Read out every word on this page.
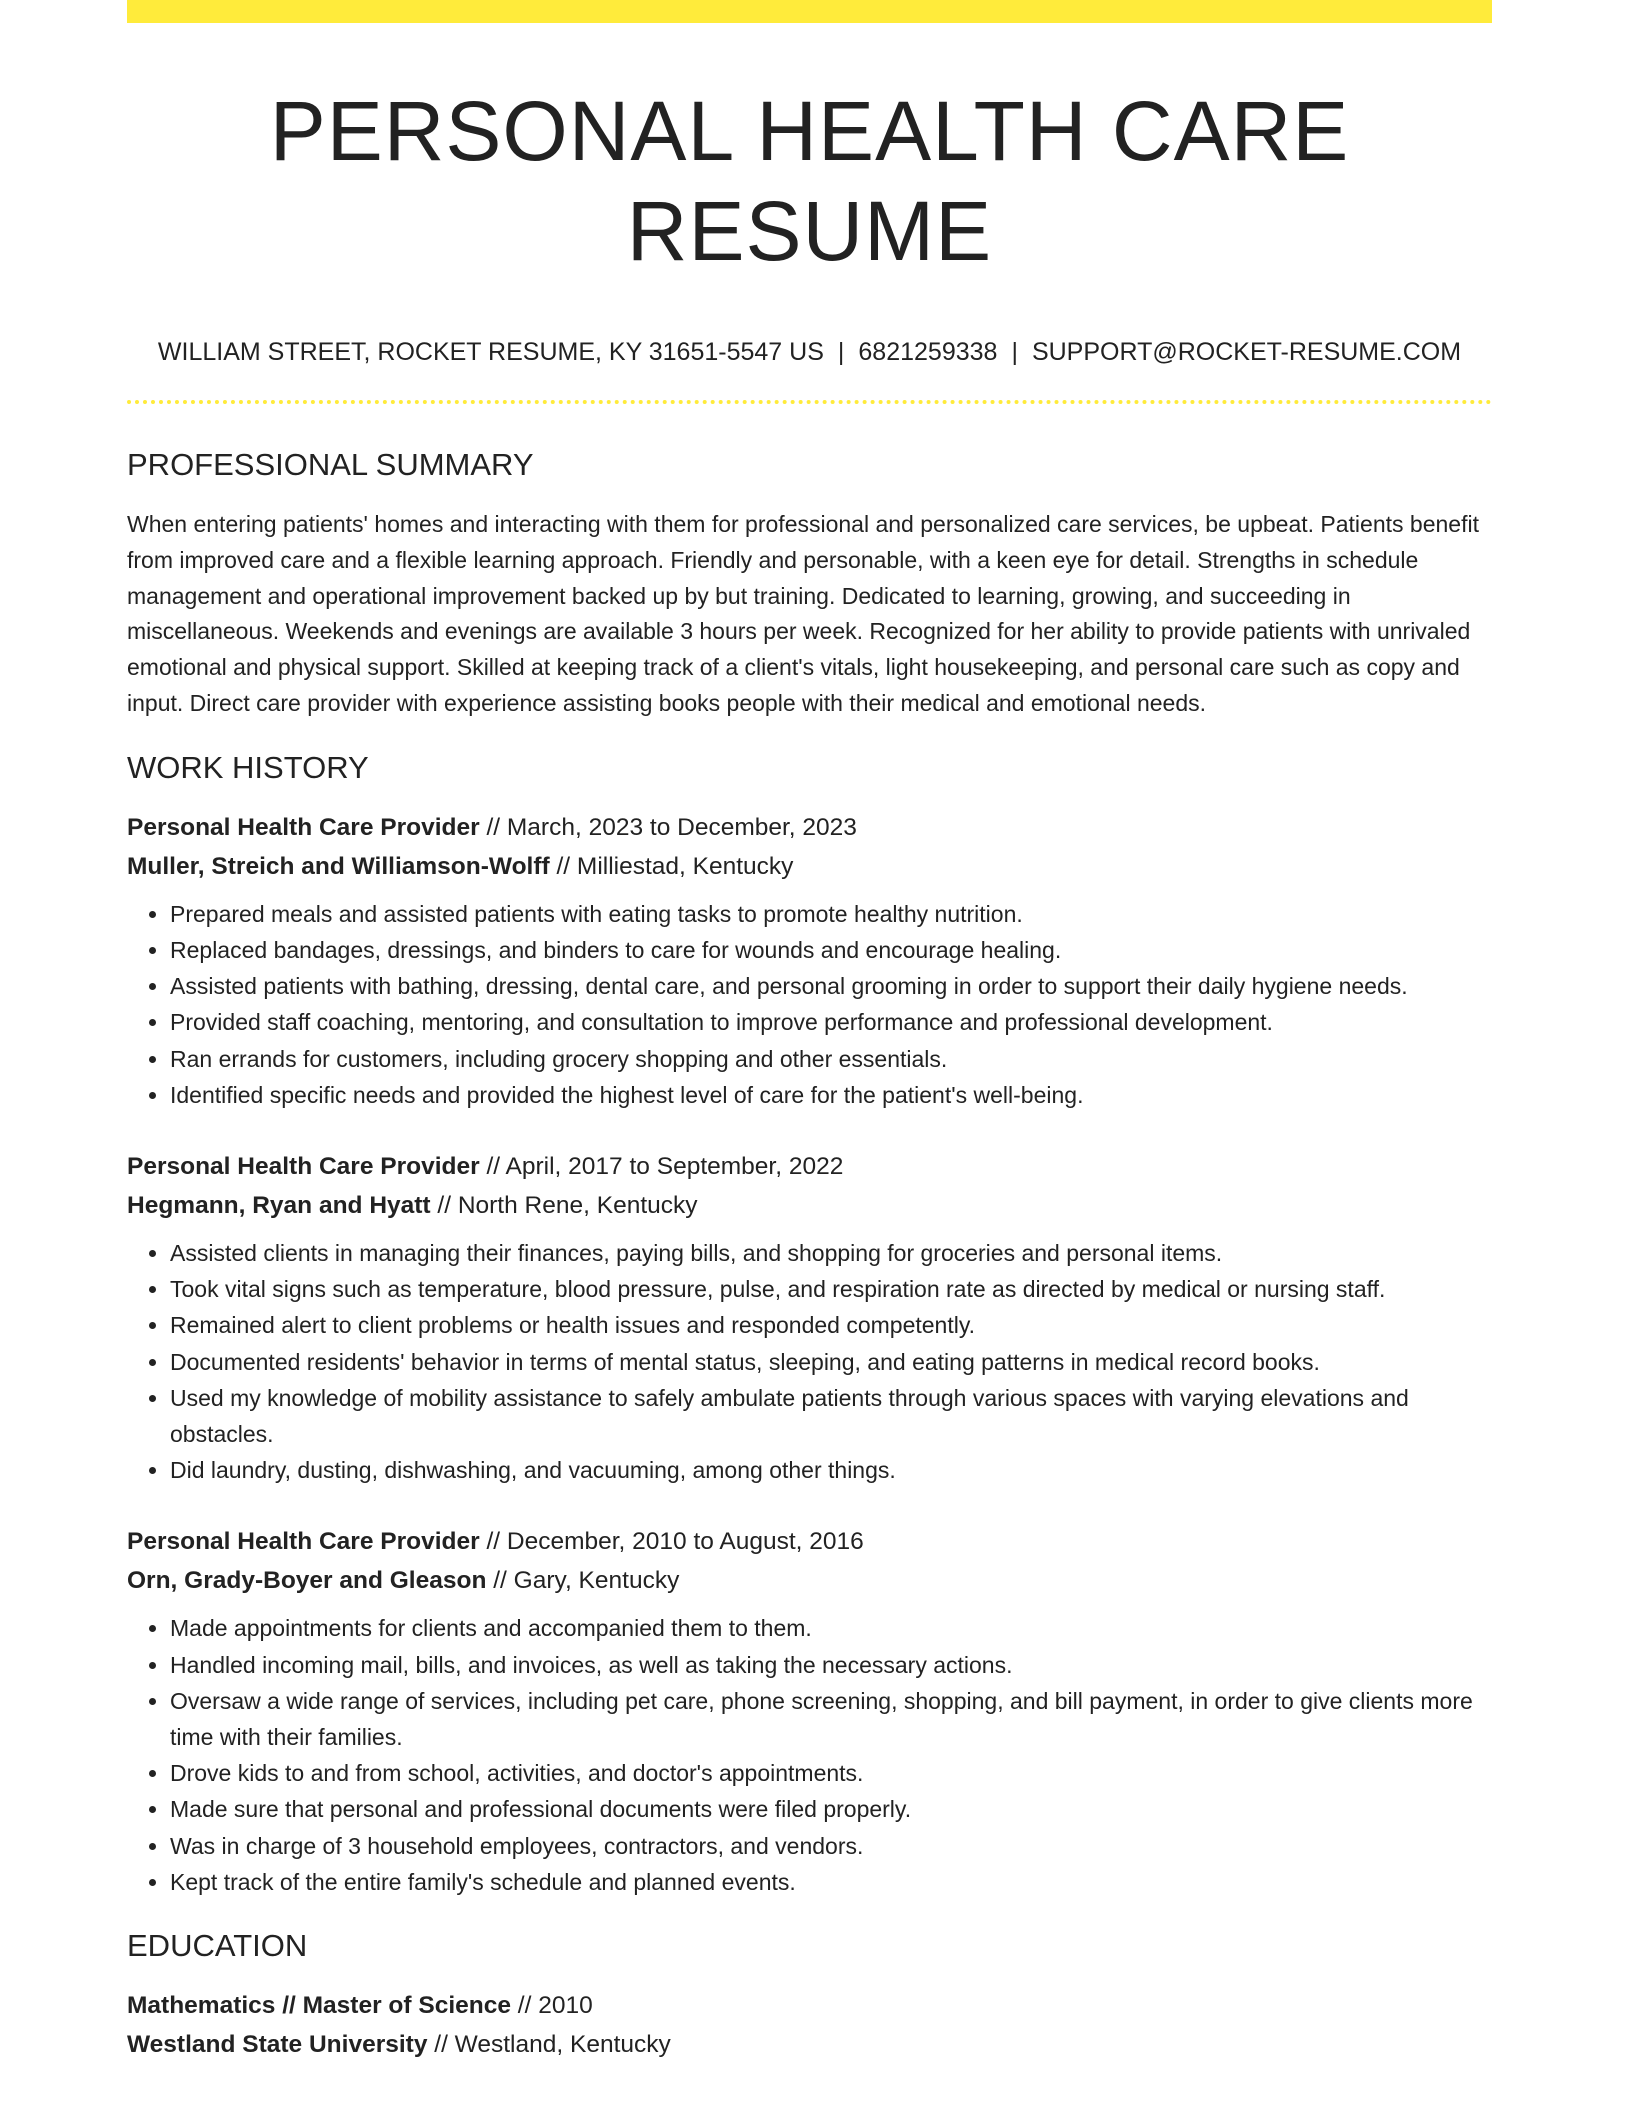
PERSONAL HEALTH CARE RESUME
WILLIAM STREET, ROCKET RESUME, KY 31651-5547 US | 6821259338 | SUPPORT@ROCKET-RESUME.COM
PROFESSIONAL SUMMARY
When entering patients' homes and interacting with them for professional and personalized care services, be upbeat. Patients benefit from improved care and a flexible learning approach. Friendly and personable, with a keen eye for detail. Strengths in schedule management and operational improvement backed up by but training. Dedicated to learning, growing, and succeeding in miscellaneous. Weekends and evenings are available 3 hours per week. Recognized for her ability to provide patients with unrivaled emotional and physical support. Skilled at keeping track of a client's vitals, light housekeeping, and personal care such as copy and input. Direct care provider with experience assisting books people with their medical and emotional needs.
WORK HISTORY
Personal Health Care Provider // March, 2023 to December, 2023
Muller, Streich and Williamson-Wolff // Milliestad, Kentucky
• Prepared meals and assisted patients with eating tasks to promote healthy nutrition.
• Replaced bandages, dressings, and binders to care for wounds and encourage healing.
• Assisted patients with bathing, dressing, dental care, and personal grooming in order to support their daily hygiene needs.
• Provided staff coaching, mentoring, and consultation to improve performance and professional development.
• Ran errands for customers, including grocery shopping and other essentials.
• Identified specific needs and provided the highest level of care for the patient's well-being.
Personal Health Care Provider // April, 2017 to September, 2022
Hegmann, Ryan and Hyatt // North Rene, Kentucky
• Assisted clients in managing their finances, paying bills, and shopping for groceries and personal items.
• Took vital signs such as temperature, blood pressure, pulse, and respiration rate as directed by medical or nursing staff.
• Remained alert to client problems or health issues and responded competently.
• Documented residents' behavior in terms of mental status, sleeping, and eating patterns in medical record books.
• Used my knowledge of mobility assistance to safely ambulate patients through various spaces with varying elevations and obstacles.
• Did laundry, dusting, dishwashing, and vacuuming, among other things.
Personal Health Care Provider // December, 2010 to August, 2016
Orn, Grady-Boyer and Gleason // Gary, Kentucky
• Made appointments for clients and accompanied them to them.
• Handled incoming mail, bills, and invoices, as well as taking the necessary actions.
• Oversaw a wide range of services, including pet care, phone screening, shopping, and bill payment, in order to give clients more time with their families.
• Drove kids to and from school, activities, and doctor's appointments.
• Made sure that personal and professional documents were filed properly.
• Was in charge of 3 household employees, contractors, and vendors.
• Kept track of the entire family's schedule and planned events.
EDUCATION
Mathematics // Master of Science // 2010
Westland State University // Westland, Kentucky
